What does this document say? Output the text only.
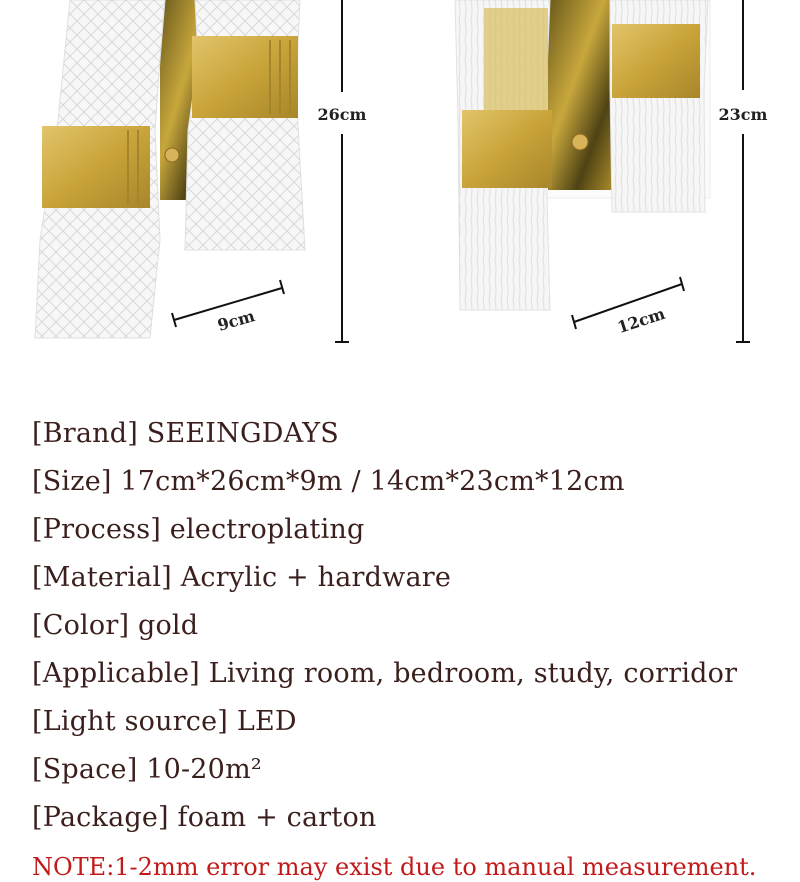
26cm
9cm
23cm
12cm
[Brand] SEEINGDAYS
[Size] 17cm*26cm*9m / 14cm*23cm*12cm
[Process] electroplating
[Material] Acrylic + hardware
[Color] gold
[Applicable] Living room, bedroom, study, corridor
[Light source] LED
[Space] 10-20m²
[Package] foam + carton
NOTE:1-2mm error may exist due to manual measurement.
